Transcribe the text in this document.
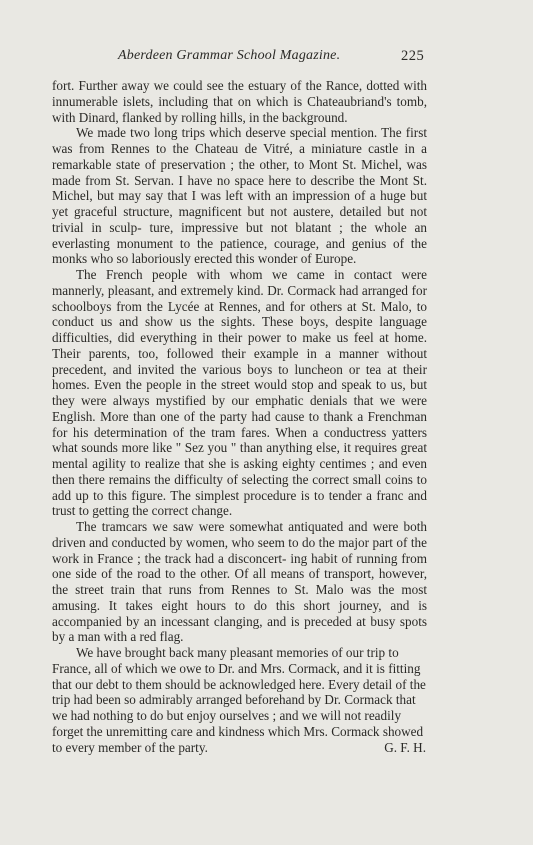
Aberdeen Grammar School Magazine.	225

fort. Further away we could see the estuary of the Rance, dotted with innumerable islets, including that on which is Chateaubriand's tomb, with Dinard, flanked by rolling hills, in the background.

We made two long trips which deserve special mention. The first was from Rennes to the Chateau de Vitré, a miniature castle in a remarkable state of preservation ; the other, to Mont St. Michel, was made from St. Servan. I have no space here to describe the Mont St. Michel, but may say that I was left with an impression of a huge but yet graceful structure, magnificent but not austere, detailed but not trivial in sculp- ture, impressive but not blatant ; the whole an everlasting monument to the patience, courage, and genius of the monks who so laboriously erected this wonder of Europe.

The French people with whom we came in contact were mannerly, pleasant, and extremely kind. Dr. Cormack had arranged for schoolboys from the Lycée at Rennes, and for others at St. Malo, to conduct us and show us the sights. These boys, despite language difficulties, did everything in their power to make us feel at home. Their parents, too, followed their example in a manner without precedent, and invited the various boys to luncheon or tea at their homes. Even the people in the street would stop and speak to us, but they were always mystified by our emphatic denials that we were English. More than one of the party had cause to thank a Frenchman for his determination of the tram fares. When a conductress yatters what sounds more like " Sez you " than anything else, it requires great mental agility to realize that she is asking eighty centimes ; and even then there remains the difficulty of selecting the correct small coins to add up to this figure. The simplest procedure is to tender a franc and trust to getting the correct change.

The tramcars we saw were somewhat antiquated and were both driven and conducted by women, who seem to do the major part of the work in France ; the track had a disconcert- ing habit of running from one side of the road to the other. Of all means of transport, however, the street train that runs from Rennes to St. Malo was the most amusing. It takes eight hours to do this short journey, and is accompanied by an incessant clanging, and is preceded at busy spots by a man with a red flag.

We have brought back many pleasant memories of our trip to France, all of which we owe to Dr. and Mrs. Cormack, and it is fitting that our debt to them should be acknowledged here. Every detail of the trip had been so admirably arranged beforehand by Dr. Cormack that we had nothing to do but enjoy ourselves ; and we will not readily forget the unremitting care and kindness which Mrs. Cormack showed to every member of the party.	G. F. H.
